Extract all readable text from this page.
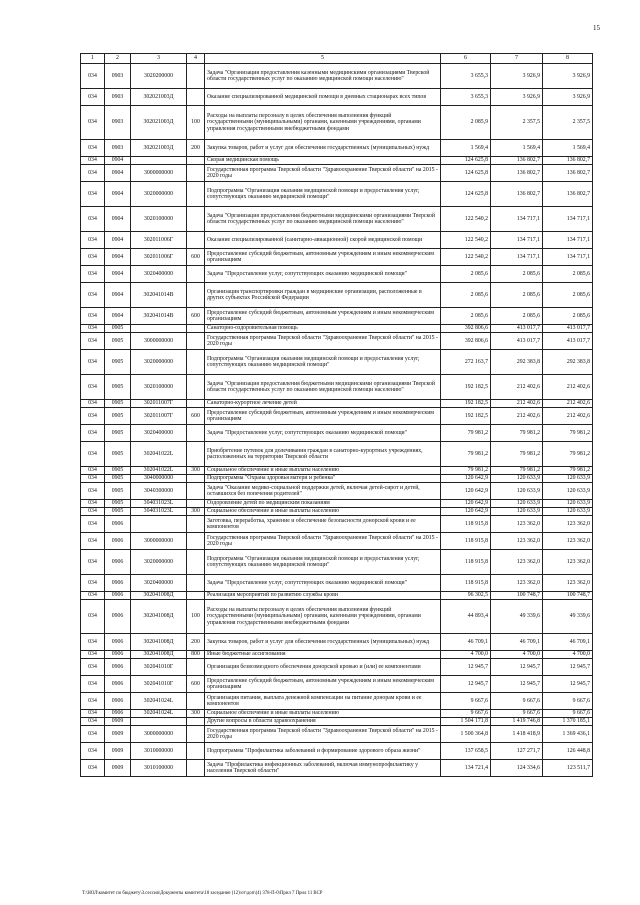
15
1	2	3	4	5	6	7	8
034	0903	3020200000		Задача "Организация предоставления казенными медицинскими организациями Тверской области государственных услуг по оказанию медицинской помощи населению"	3 655,3	3 926,9	3 926,9
034	0903	302021003Д		Оказание специализированной медицинской помощи в дневных стационарах всех типов	3 655,3	3 926,9	3 926,9
034	0903	302021003Д	100	Расходы на выплаты персоналу в целях обеспечения выполнения функций государственными (муниципальными) органами, казенными учреждениями, органами управления государственными внебюджетными фондами	2 085,9	2 357,5	2 357,5
034	0903	302021003Д	200	Закупка товаров, работ и услуг для обеспечения государственных (муниципальных) нужд	1 569,4	1 569,4	1 569,4
034	0904			Скорая медицинская помощь	124 625,8	136 802,7	136 802,7
034	0904	3000000000		Государственная программа Тверской области "Здравоохранение Тверской области" на 2015 - 2020 годы	124 625,8	136 802,7	136 802,7
034	0904	3020000000		Подпрограмма "Организация оказания медицинской помощи и предоставления услуг, сопутствующих оказанию медицинской помощи"	124 625,8	136 802,7	136 802,7
034	0904	3020100000		Задача "Организация предоставления бюджетными медицинскими организациями Тверской области государственных услуг по оказанию медицинской помощи населению"	122 540,2	134 717,1	134 717,1
034	0904	302011006Г		Оказание специализированной (санитарно-авиационной) скорой медицинской помощи	122 540,2	134 717,1	134 717,1
034	0904	302011006Г	600	Предоставление субсидий бюджетным, автономным учреждениям и иным некоммерческим организациям	122 540,2	134 717,1	134 717,1
034	0904	3020400000		Задача "Предоставление услуг, сопутствующих оказанию медицинской помощи"	2 085,6	2 085,6	2 085,6
034	0904	302041014В		Организация транспортировки граждан в медицинские организации, расположенные в других субъектах Российской Федерации	2 085,6	2 085,6	2 085,6
034	0904	302041014В	600	Предоставление субсидий бюджетным, автономным учреждениям и иным некоммерческим организациям	2 085,6	2 085,6	2 085,6
034	0905			Санаторно-оздоровительная помощь	392 806,6	413 017,7	413 017,7
034	0905	3000000000		Государственная программа Тверской области "Здравоохранение Тверской области" на 2015 - 2020 годы	392 806,6	413 017,7	413 017,7
034	0905	3020000000		Подпрограмма "Организация оказания медицинской помощи и предоставления услуг, сопутствующих оказанию медицинской помощи"	272 163,7	292 383,8	292 383,8
034	0905	3020100000		Задача "Организация предоставления бюджетными медицинскими организациями Тверской области государственных услуг по оказанию медицинской помощи населению"	192 182,5	212 402,6	212 402,6
034	0905	302011007Г		Санаторно-курортное лечение детей	192 182,5	212 402,6	212 402,6
034	0905	302011007Г	600	Предоставление субсидий бюджетным, автономным учреждениям и иным некоммерческим организациям	192 182,5	212 402,6	212 402,6
034	0905	3020400000		Задача "Предоставление услуг, сопутствующих оказанию медицинской помощи"	79 981,2	79 981,2	79 981,2
034	0905	302041022L		Приобретение путевок для долечивания граждан в санаторно-курортных учреждениях, расположенных на территории Тверской области	79 981,2	79 981,2	79 981,2
034	0905	302041022L	300	Социальное обеспечение и иные выплаты населению	79 981,2	79 981,2	79 981,2
034	0905	3040000000		Подпрограмма "Охрана здоровья матери и ребенка"	120 642,9	120 633,9	120 633,9
034	0905	3040300000		Задача "Оказание медико-социальной поддержки детей, включая детей-сирот и детей, оставшихся без попечения родителей"	120 642,9	120 633,9	120 633,9
034	0905	304031023L		Оздоровление детей по медицинским показаниям	120 642,9	120 633,9	120 633,9
034	0905	304031023L	300	Социальное обеспечение и иные выплаты населению	120 642,9	120 633,9	120 633,9
034	0906			Заготовка, переработка, хранение и обеспечение безопасности донорской крови и ее компонентов	118 915,8	123 362,0	123 362,0
034	0906	3000000000		Государственная программа Тверской области "Здравоохранение Тверской области" на 2015 - 2020 годы	118 915,8	123 362,0	123 362,0
034	0906	3020000000		Подпрограмма "Организация оказания медицинской помощи и предоставления услуг, сопутствующих оказанию медицинской помощи"	118 915,8	123 362,0	123 362,0
034	0906	3020400000		Задача "Предоставление услуг, сопутствующих оказанию медицинской помощи"	118 915,8	123 362,0	123 362,0
034	0906	302041008Д		Реализация мероприятий по развитию службы крови	96 302,5	100 748,7	100 748,7
034	0906	302041008Д	100	Расходы на выплаты персоналу в целях обеспечения выполнения функций государственными (муниципальными) органами, казенными учреждениями, органами управления государственными внебюджетными фондами	44 893,4	49 339,6	49 339,6
034	0906	302041008Д	200	Закупка товаров, работ и услуг для обеспечения государственных (муниципальных) нужд	46 709,1	46 709,1	46 709,1
034	0906	302041008Д	800	Иные бюджетные ассигнования	4 700,0	4 700,0	4 700,0
034	0906	302041010Г		Организация безвозмездного обеспечения донорской кровью и (или) ее компонентами	12 945,7	12 945,7	12 945,7
034	0906	302041010Г	600	Предоставление субсидий бюджетным, автономным учреждениям и иным некоммерческим организациям	12 945,7	12 945,7	12 945,7
034	0906	302041024L		Организация питания, выплата денежной компенсации на питание донорам крови и ее компонентов	9 667,6	9 667,6	9 667,6
034	0906	302041024L	300	Социальное обеспечение и иные выплаты населению	9 667,6	9 667,6	9 667,6
034	0909			Другие вопросы в области здравоохранения	1 504 171,8	1 419 746,8	1 370 185,1
034	0909	3000000000		Государственная программа Тверской области "Здравоохранение Тверской области" на 2015 - 2020 годы	1 500 364,8	1 418 418,9	1 369 436,1
034	0909	3010000000		Подпрограмма "Профилактика заболеваний и формирование здорового образа жизни"	137 658,5	127 271,7	126 448,8
034	0909	3010100000		Задача "Профилактика инфекционных заболеваний, включая иммунопрофилактику у населения Тверской области"	134 721,4	124 334,6	123 511,7
T:\НОЛ\комитет по бюджету\З.сессия\Документы комитета\18 заседание (12)\от\доп\(4) 378-П-0\Прил 7 Прил 11 ВСР
